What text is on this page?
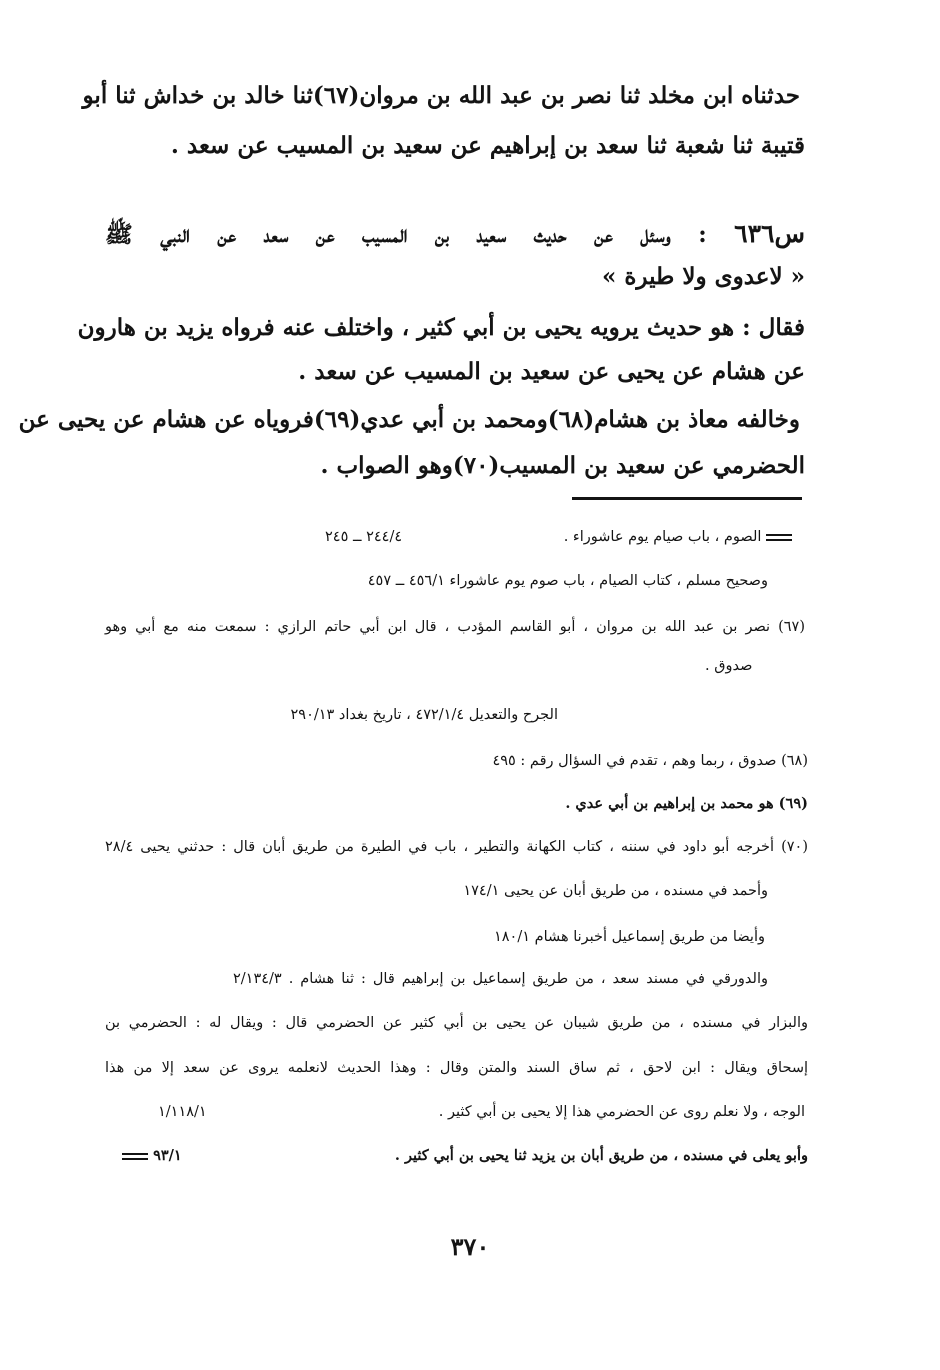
حدثناه ابن مخلد ثنا نصر بن عبد الله بن مروان(٦٧)ثنا خالد بن خداش ثنا أبو
قتيبة ثنا شعبة ثنا سعد بن إبراهيم عن سعيد بن المسيب عن سعد .
س٦٣٦ : وسئل عن حديث سعيد بن المسيب عن سعد عن النبي ﷺ
« لاعدوى ولا طيرة »
فقال : هو حديث يرويه يحيى بن أبي كثير ، واختلف عنه فرواه يزيد بن هارون
عن هشام عن يحيى عن سعيد بن المسيب عن سعد .
وخالفه معاذ بن هشام(٦٨)ومحمد بن أبي عدي(٦٩)فروياه عن هشام عن يحيى عن
الحضرمي عن سعيد بن المسيب(٧٠)وهو الصواب .
الصوم ، باب صيام يوم عاشوراء .
٢٤٤/٤ ــ ٢٤٥
وصحيح مسلم ، كتاب الصيام ، باب صوم يوم عاشوراء ٤٥٦/١ ــ ٤٥٧
(٦٧) نصر بن عبد الله بن مروان ، أبو القاسم المؤدب ، قال ابن أبي حاتم الرازي : سمعت منه مع أبي وهو
صدوق .
الجرح والتعديل ٤٧٢/١/٤ ، تاريخ بغداد ٢٩٠/١٣
(٦٨) صدوق ، ربما وهم ، تقدم في السؤال رقم : ٤٩٥
(٦٩) هو محمد بن إبراهيم بن أبي عدي .
(٧٠) أخرجه أبو داود في سننه ، كتاب الكهانة والتطير ، باب في الطيرة من طريق أبان قال : حدثني يحيى ٢٨/٤
وأحمد في مسنده ، من طريق أبان عن يحيى ١٧٤/١
وأيضا من طريق إسماعيل أخبرنا هشام ١٨٠/١
والدورقي في مسند سعد ، من طريق إسماعيل بن إبراهيم قال : ثنا هشام . ٢/١٣٤/٣
والبزار في مسنده ، من طريق شيبان عن يحيى بن أبي كثير عن الحضرمي قال : ويقال له : الحضرمي بن
إسحاق ويقال : ابن لاحق ، ثم ساق السند والمتن وقال : وهذا الحديث لانعلمه يروى عن سعد إلا من هذا
الوجه ، ولا نعلم روى عن الحضرمي هذا إلا يحيى بن أبي كثير .
١/١١٨/١
وأبو يعلى في مسنده ، من طريق أبان بن يزيد ثنا يحيى بن أبي كثير .
٩٣/١
٣٧٠
